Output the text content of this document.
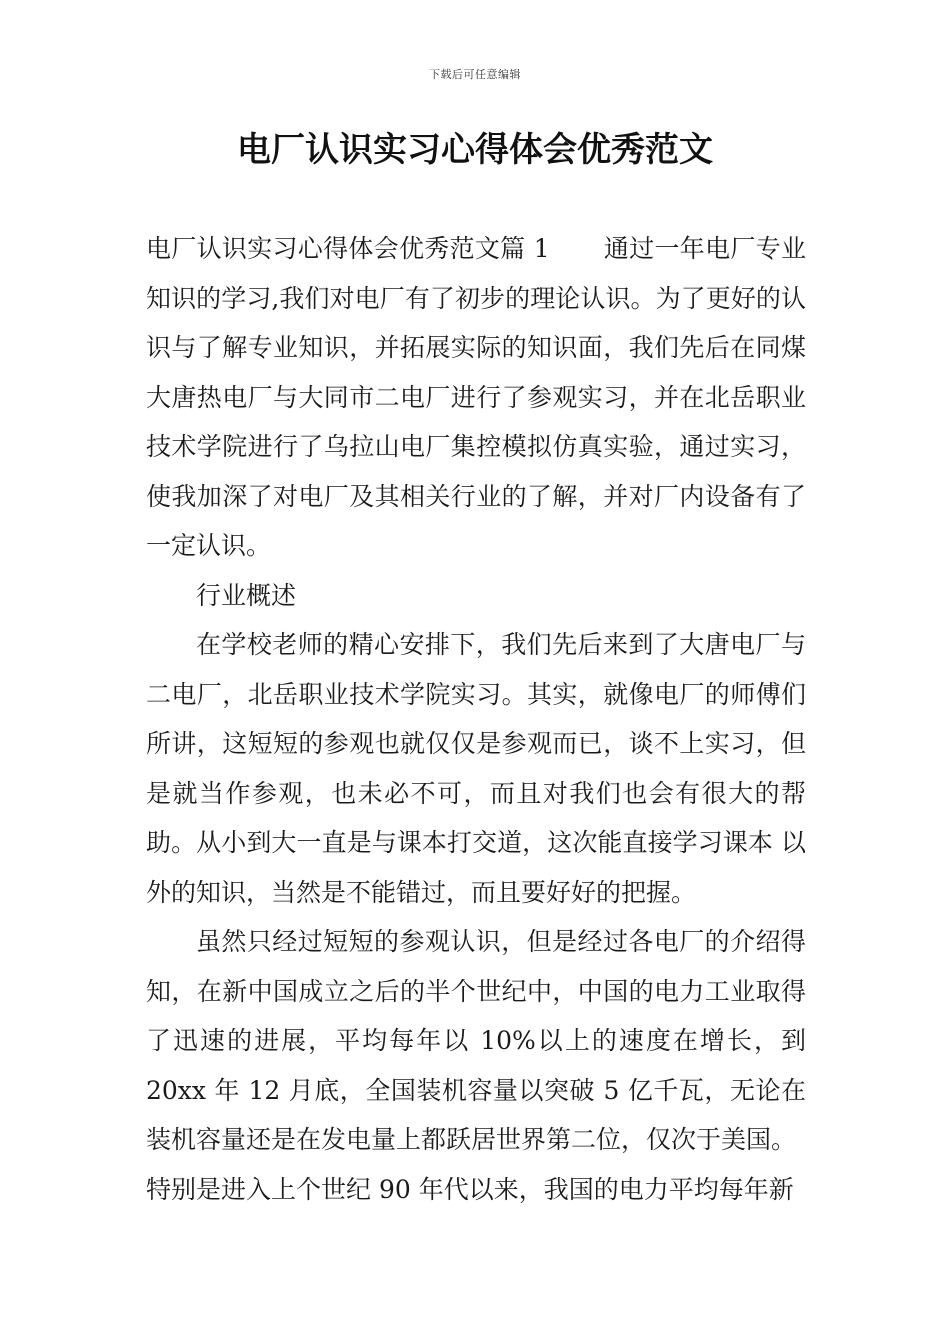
下载后可任意编辑
电厂认识实习心得体会优秀范文

电厂认识实习心得体会优秀范文篇 1 通过一年电厂专业知识的学习,我们对电厂有了初步的理论认识。为了更好的认识与了解专业知识，并拓展实际的知识面，我们先后在同煤大唐热电厂与大同市二电厂进行了参观实习，并在北岳职业技术学院进行了乌拉山电厂集控模拟仿真实验，通过实习，使我加深了对电厂及其相关行业的了解，并对厂内设备有了一定认识。

行业概述

在学校老师的精心安排下，我们先后来到了大唐电厂与二电厂，北岳职业技术学院实习。其实，就像电厂的师傅们所讲，这短短的参观也就仅仅是参观而已，谈不上实习，但是就当作参观，也未必不可，而且对我们也会有很大的帮助。从小到大一直是与课本打交道，这次能直接学习课本 以外的知识，当然是不能错过，而且要好好的把握。

虽然只经过短短的参观认识，但是经过各电厂的介绍得知，在新中国成立之后的半个世纪中，中国的电力工业取得了迅速的进展，平均每年以 10%以上的速度在增长，到 20xx 年 12 月底，全国装机容量以突破 5 亿千瓦，无论在装机容量还是在发电量上都跃居世界第二位，仅次于美国。

特别是进入上个世纪 90 年代以来，我国的电力平均每年新
